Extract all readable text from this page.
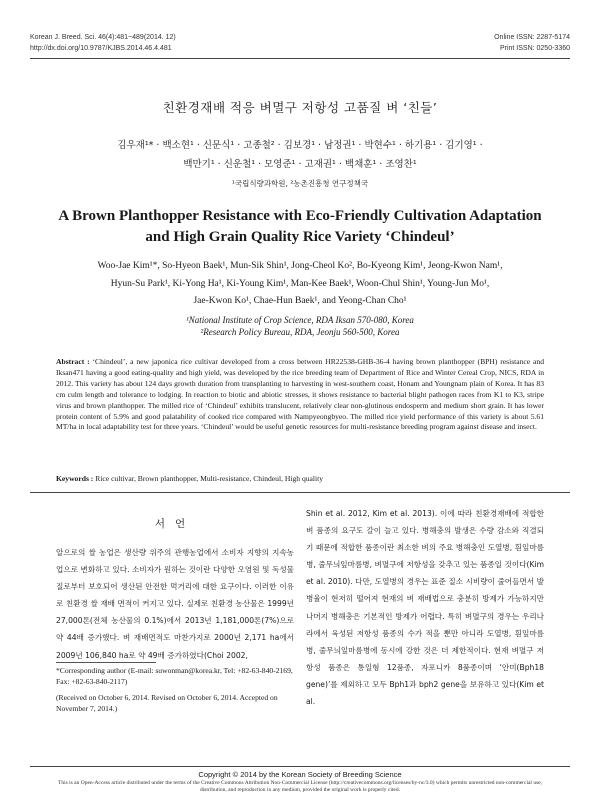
Korean J. Breed. Sci. 46(4):481~489(2014. 12)
http://dx.doi.org/10.9787/KJBS.2014.46.4.481
Online ISSN: 2287-5174
Print ISSN: 0250-3360
친환경재배 적응 벼멸구 저항성 고품질 벼 ‘친들’
김우재¹* · 백소현¹ · 신문식¹ · 고종철² · 김보경¹ · 남정권¹ · 박현수¹ · 하기용¹ · 김기영¹ ·
백만기¹ · 신운철¹ · 모영준¹ · 고재권¹ · 백채훈¹ · 조영찬¹
¹국립식량과학원, ²농촌진흥청 연구정책국
A Brown Planthopper Resistance with Eco-Friendly Cultivation Adaptation
and High Grain Quality Rice Variety ‘Chindeul’
Woo-Jae Kim¹*, So-Hyeon Baek¹, Mun-Sik Shin¹, Jong-Cheol Ko², Bo-Kyeong Kim¹, Jeong-Kwon Nam¹,
Hyun-Su Park¹, Ki-Yong Ha¹, Ki-Young Kim¹, Man-Kee Baek¹, Woon-Chul Shin¹, Young-Jun Mo¹,
Jae-Kwon Ko¹, Chae-Hun Baek¹, and Yeong-Chan Cho¹
¹National Institute of Crop Science, RDA Iksan 570-080, Korea
²Research Policy Bureau, RDA, Jeonju 560-500, Korea
Abstract : ‘Chindeul’, a new japonica rice cultivar developed from a cross between HR22538-GHB-36-4 having brown planthopper (BPH) resistance and Iksan471 having a good eating-quality and high yield, was developed by the rice breeding team of Department of Rice and Winter Cereal Crop, NICS, RDA in 2012. This variety has about 124 days growth duration from transplanting to harvesting in west-southern coast, Honam and Youngnam plain of Korea. It has 83 cm culm length and tolerance to lodging. In reaction to biotic and abiotic stresses, it shows resistance to bacterial blight pathogen races from K1 to K3, stripe virus and brown planthopper. The milled rice of ‘Chindeul’ exhibits translucent, relatively clear non-glutinous endosperm and medium short grain. It has lower protein content of 5.9% and good palatability of cooked rice compared with Nampyeongbyeo. The milled rice yield performance of this variety is about 5.61 MT/ha in local adaptability test for three years. ‘Chindeul’ would be useful genetic resources for multi-resistance breeding program against disease and insect.
Keywords : Rice cultivar, Brown planthopper, Multi-resistance, Chindeul, High quality
서언

알으로의 쌀 농업은 생산량 위주의 관행농업에서 소비자 지향의 지속농업으로 변화하고 있다. 소비자가 원하는 것이란 다양한 오염원 및 독성물질로부터 보호되어 생산된 안전한 먹거리에 대한 요구이다. 이러한 이유로 친환경 쌀 재배 면적이 커지고 있다. 실제로 친환경 농산물은 1999년 27,000톤(전체 농산물의 0.1%)에서 2013년 1,181,000톤(7%)으로 약 44배 증가했다. 벼 재배면적도 마찬가지로 2000년 2,171 ha에서 2009년 106,840 ha로 약 49배 증가하였다(Choi 2002,

Shin et al. 2012, Kim et al. 2013). 이에 따라 친환경재배에 적합한 벼 품종의 요구도 갈이 늘고 있다. 병해충의 발생은 수량 감소와 직결되기 때문에 적합한 품종이란 최소한 벼의 주요 병해충인 도열병, 흰잎마름병, 줄무늬잎마름병, 벼멸구에 저항성을 갖추고 있는 품종일 것이다(Kim et al. 2010). 다만, 도열병의 경우는 표준 질소 시비량이 줄어들면서 발병율이 현저히 떨어져 현재의 벼 재배법으로 충분히 방제가 가능하지만 나머지 병해충은 기본적인 방제가 어렵다. 특히 벼멸구의 경우는 우리나라에서 육성된 저항성 품종의 수가 적을 뿐만 아니라 도열병, 흰잎마름병, 줄무늬잎마름병에 동시에 강한 것은 더 제한적이다. 현재 벼멸구 저항성 품종은 통일형 12품종, 자포니카 8품종이며 ‘안미(Bph18 gene)’를 제외하고 모두 Bph1과 bph2 gene을 보유하고 있다(Kim et al.

*Corresponding author (E-mail: suwonman@korea.kr, Tel: +82-63-840-2169, Fax: +82-63-840-2117)
(Received on October 6, 2014. Revised on October 6, 2014. Accepted on November 7, 2014.)
Copyright © 2014 by the Korean Society of Breeding Science
This is an Open-Access article distributed under the terms of the Creative Commons Attribution Non-Commercial License (http://creativecommons.org/licenses/by-nc/3.0) which permits unrestricted non-commercial use, distribution, and reproduction in any medium, provided the original work is properly cited.
